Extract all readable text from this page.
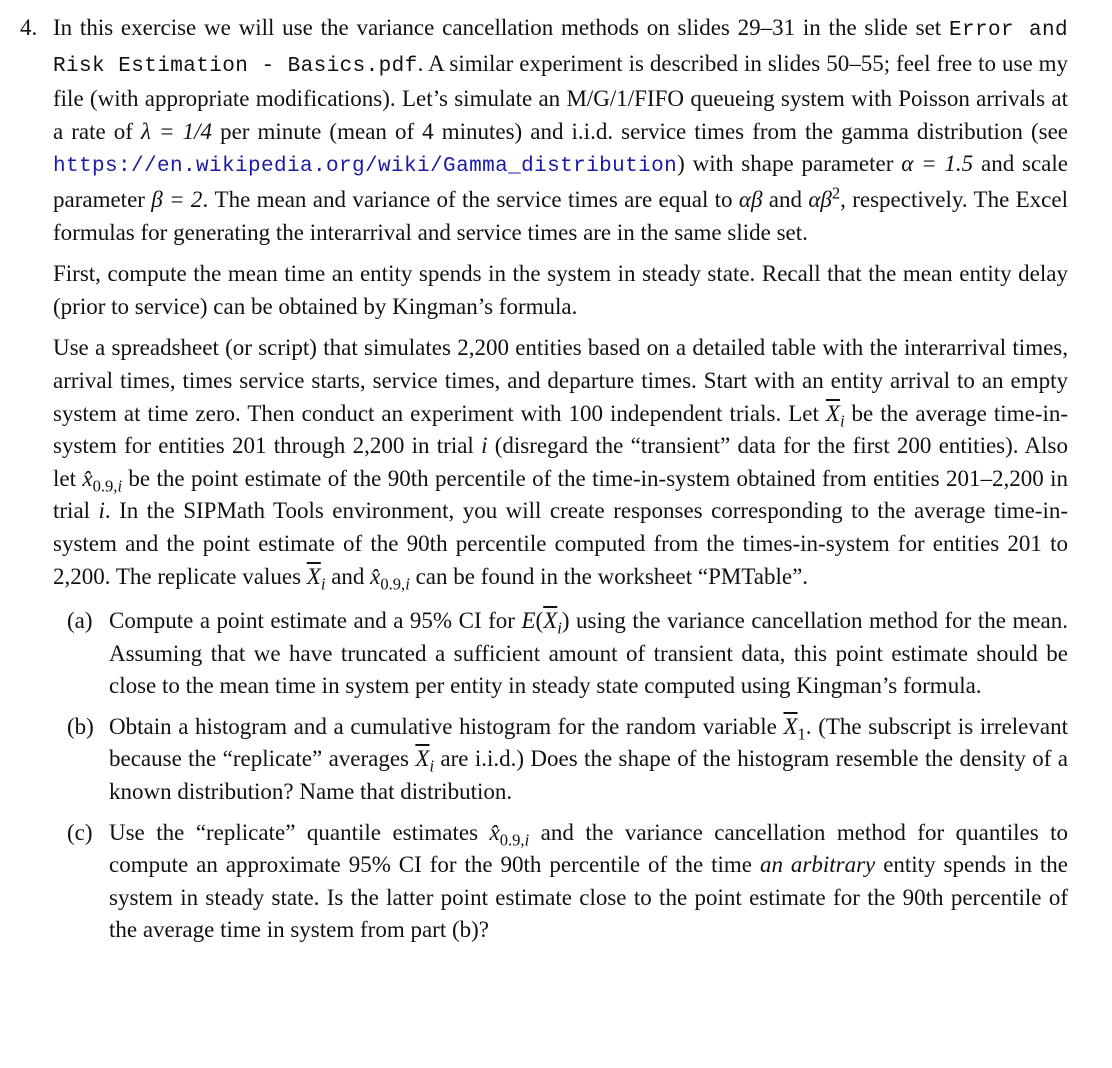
4. In this exercise we will use the variance cancellation methods on slides 29–31 in the slide set Error and Risk Estimation - Basics.pdf. A similar experiment is described in slides 50–55; feel free to use my file (with appropriate modifications). Let’s simulate an M/G/1/FIFO queueing system with Poisson arrivals at a rate of λ = 1/4 per minute (mean of 4 minutes) and i.i.d. service times from the gamma distribution (see https://en.wikipedia.org/wiki/Gamma_distribution) with shape parameter α = 1.5 and scale parameter β = 2. The mean and variance of the service times are equal to αβ and $\alpha\beta^2$, respectively. The Excel formulas for generating the interarrival and service times are in the same slide set.

First, compute the mean time an entity spends in the system in steady state. Recall that the mean entity delay (prior to service) can be obtained by Kingman’s formula.

Use a spreadsheet (or script) that simulates 2,200 entities based on a detailed table with the interarrival times, arrival times, times service starts, service times, and departure times. Start with an entity arrival to an empty system at time zero. Then conduct an experiment with 100 independent trials. Let $\overline{X}_i$ be the average time-in-system for entities 201 through 2,200 in trial i (disregard the “transient” data for the first 200 entities). Also let $x̂_{0.9,i}$ be the point estimate of the 90th percentile of the time-in-system obtained from entities 201–2,200 in trial i. In the SIPMath Tools environment, you will create responses corresponding to the average time-in-system and the point estimate of the 90th percentile computed from the times-in-system for entities 201 to 2,200. The replicate values $\overline{X}_i$ and $x̂_{0.9,i}$ can be found in the worksheet “PMTable”.

(a) Compute a point estimate and a 95% CI for $E(\overline{X}_i)$ using the variance cancellation method for the mean. Assuming that we have truncated a sufficient amount of transient data, this point estimate should be close to the mean time in system per entity in steady state computed using Kingman’s formula.
(b) Obtain a histogram and a cumulative histogram for the random variable $\overline{X}_1$. (The subscript is irrelevant because the “replicate” averages $\overline{X}_i$ are i.i.d.) Does the shape of the histogram resemble the density of a known distribution? Name that distribution.
(c) Use the “replicate” quantile estimates $x̂_{0.9,i}$ and the variance cancellation method for quantiles to compute an approximate 95% CI for the 90th percentile of the time an arbitrary entity spends in the system in steady state. Is the latter point estimate close to the point estimate for the 90th percentile of the average time in system from part (b)?
